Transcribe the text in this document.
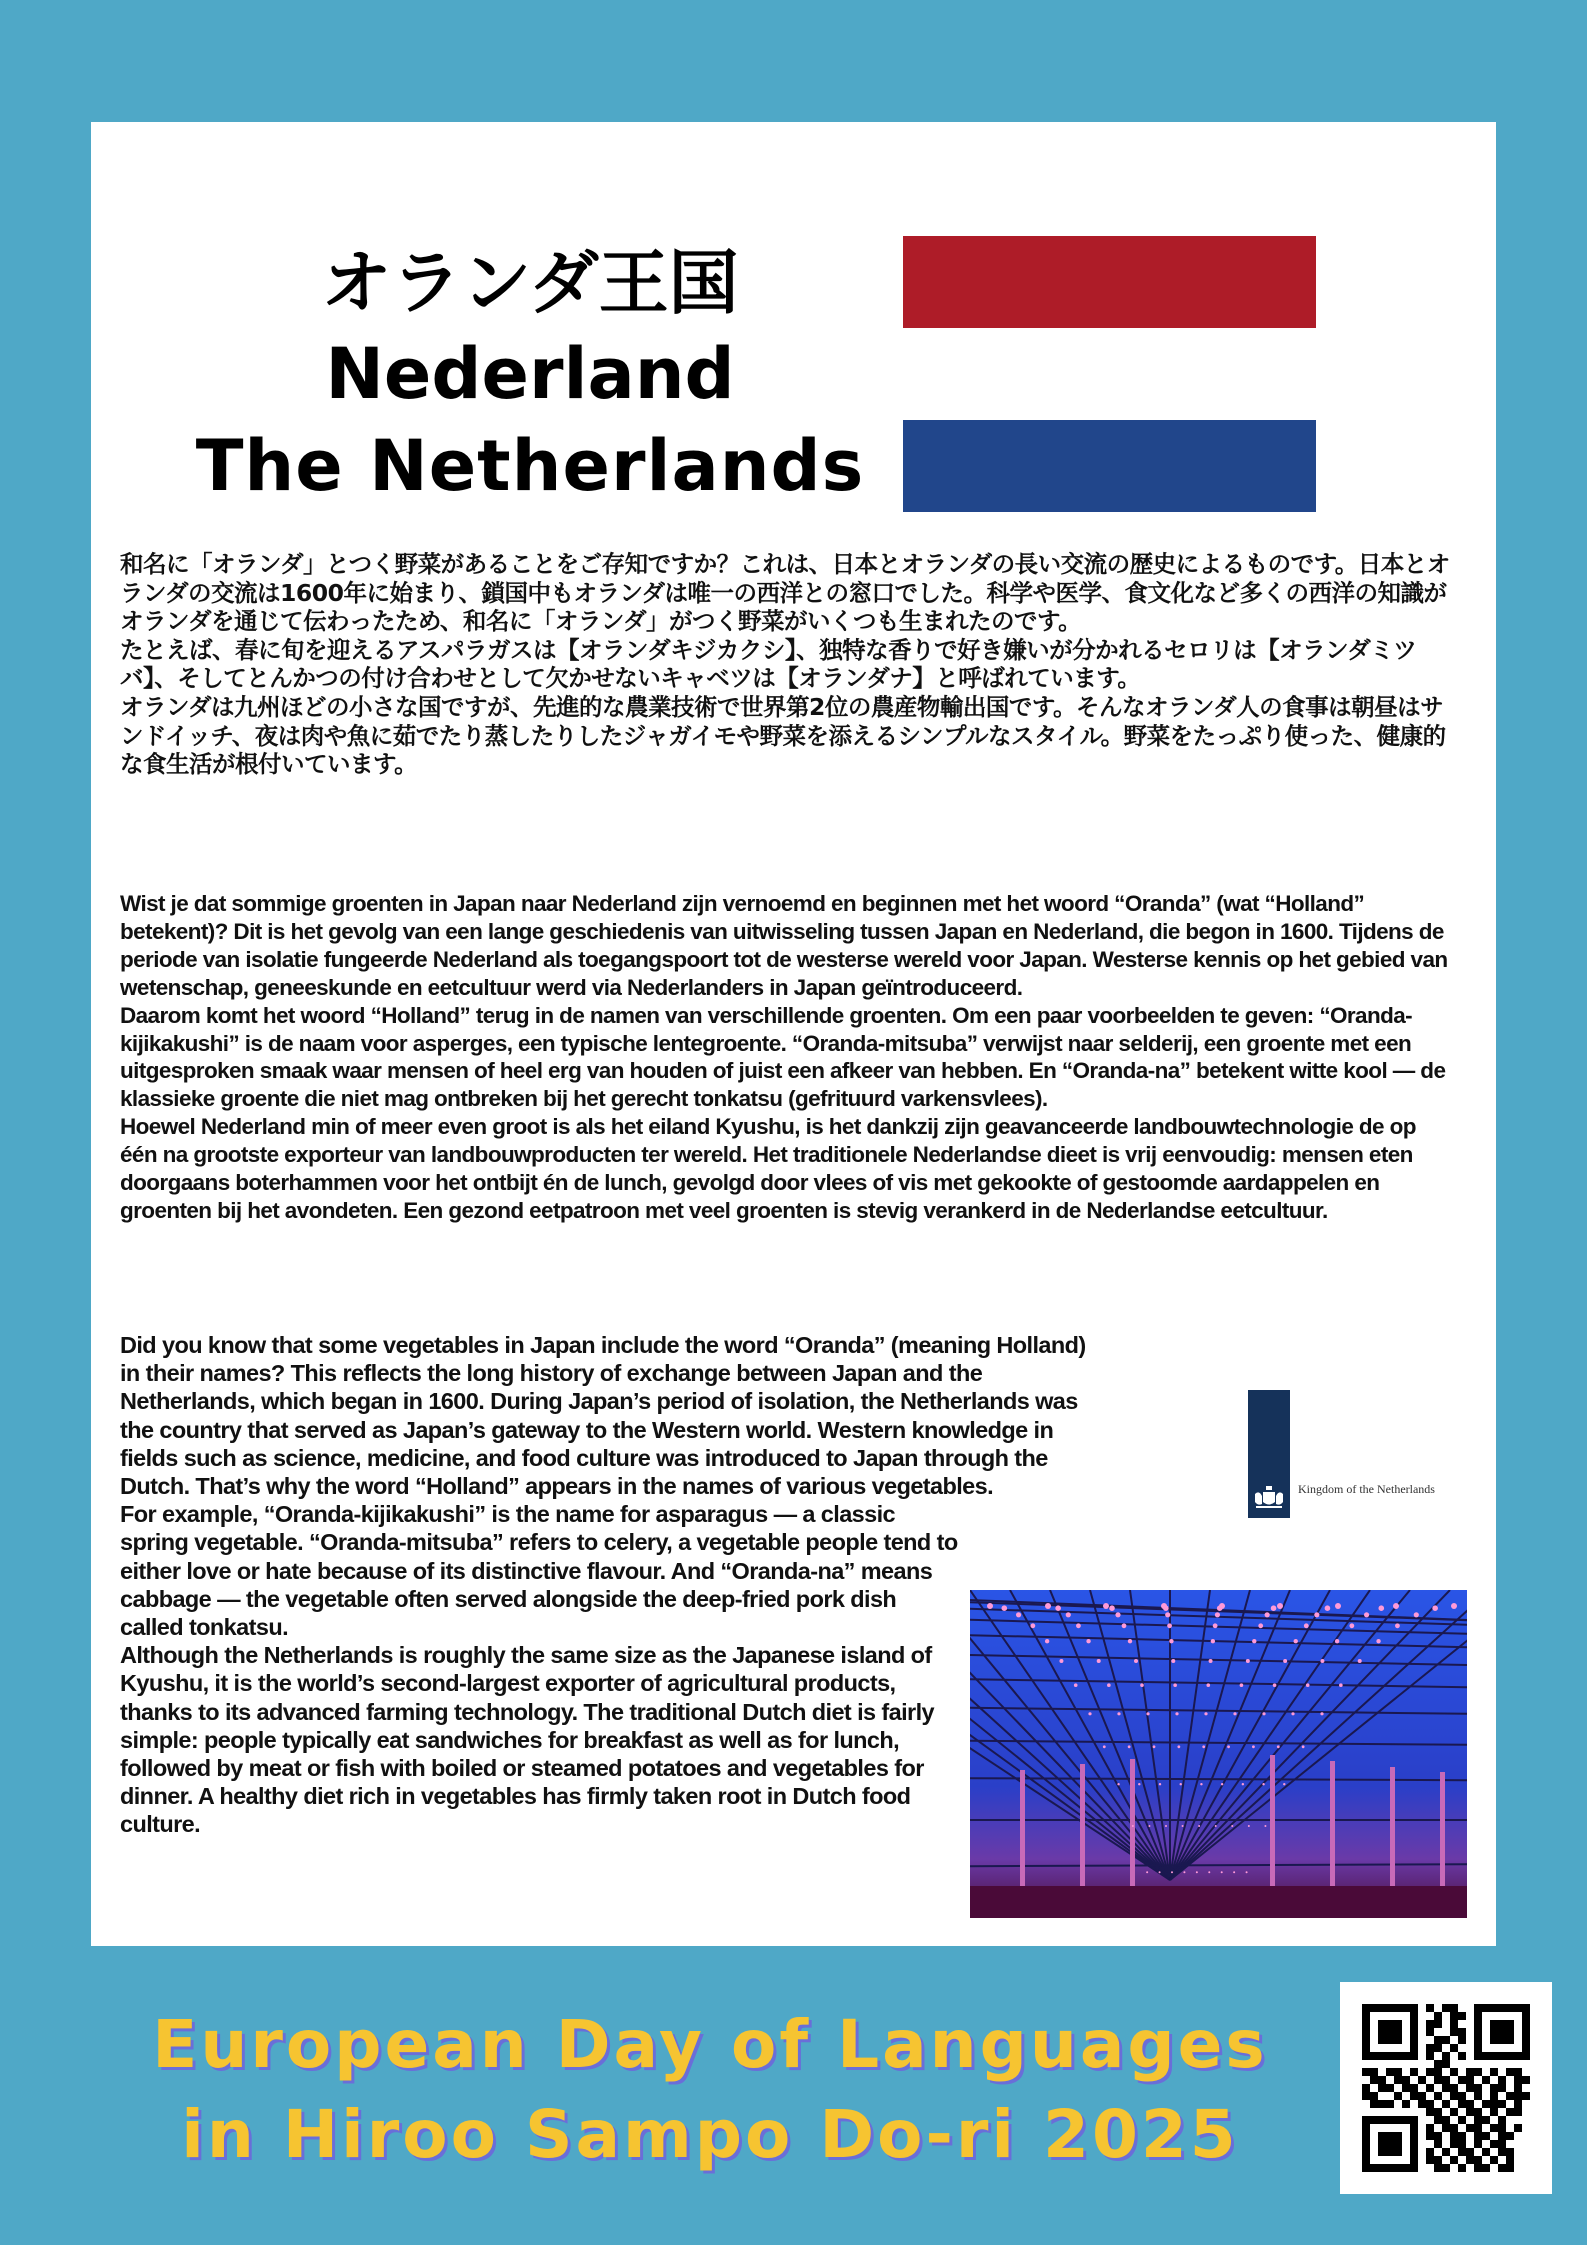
オランダ王国
Nederland
The Netherlands

和名に「オランダ」とつく野菜があることをご存知ですか？これは、日本とオランダの長い交流の歴史によるものです。日本とオランダの交流は1600年に始まり、鎖国中もオランダは唯一の西洋との窓口でした。科学や医学、食文化など多くの西洋の知識がオランダを通じて伝わったため、和名に「オランダ」がつく野菜がいくつも生まれたのです。

たとえば、春に旬を迎えるアスパラガスは【オランダキジカクシ】、独特な香りで好き嫌いが分かれるセロリは【オランダミツバ】、そしてとんかつの付け合わせとして欠かせないキャベツは【オランダナ】と呼ばれています。

オランダは九州ほどの小さな国ですが、先進的な農業技術で世界第2位の農産物輸出国です。そんなオランダ人の食事は朝昼はサンドイッチ、夜は肉や魚に茹でたり蒸したりしたジャガイモや野菜を添えるシンプルなスタイル。野菜をたっぷり使った、健康的な食生活が根付いています。

Wist je dat sommige groenten in Japan naar Nederland zijn vernoemd en beginnen met het woord “Oranda” (wat “Holland” betekent)? Dit is het gevolg van een lange geschiedenis van uitwisseling tussen Japan en Nederland, die begon in 1600. Tijdens de periode van isolatie fungeerde Nederland als toegangspoort tot de westerse wereld voor Japan. Westerse kennis op het gebied van wetenschap, geneeskunde en eetcultuur werd via Nederlanders in Japan geïntroduceerd.

Daarom komt het woord “Holland” terug in de namen van verschillende groenten. Om een paar voorbeelden te geven: “Oranda-kijikakushi” is de naam voor asperges, een typische lentegroente. “Oranda-mitsuba” verwijst naar selderij, een groente met een uitgesproken smaak waar mensen of heel erg van houden of juist een afkeer van hebben. En “Oranda-na” betekent witte kool — de klassieke groente die niet mag ontbreken bij het gerecht tonkatsu (gefrituurd varkensvlees).

Hoewel Nederland min of meer even groot is als het eiland Kyushu, is het dankzij zijn geavanceerde landbouwtechnologie de op één na grootste exporteur van landbouwproducten ter wereld. Het traditionele Nederlandse dieet is vrij eenvoudig: mensen eten doorgaans boterhammen voor het ontbijt én de lunch, gevolgd door vlees of vis met gekookte of gestoomde aardappelen en groenten bij het avondeten. Een gezond eetpatroon met veel groenten is stevig verankerd in de Nederlandse eetcultuur.

Did you know that some vegetables in Japan include the word “Oranda” (meaning Holland) in their names? This reflects the long history of exchange between Japan and the Netherlands, which began in 1600. During Japan’s period of isolation, the Netherlands was the country that served as Japan’s gateway to the Western world. Western knowledge in fields such as science, medicine, and food culture was introduced to Japan through the Dutch. That’s why the word “Holland” appears in the names of various vegetables.

For example, “Oranda-kijikakushi” is the name for asparagus — a classic spring vegetable. “Oranda-mitsuba” refers to celery, a vegetable people tend to either love or hate because of its distinctive flavour. And “Oranda-na” means cabbage — the vegetable often served alongside the deep-fried pork dish called tonkatsu.

Although the Netherlands is roughly the same size as the Japanese island of Kyushu, it is the world’s second-largest exporter of agricultural products, thanks to its advanced farming technology. The traditional Dutch diet is fairly simple: people typically eat sandwiches for breakfast as well as for lunch, followed by meat or fish with boiled or steamed potatoes and vegetables for dinner. A healthy diet rich in vegetables has firmly taken root in Dutch food culture.

Kingdom of the Netherlands
European Day of Languages
in Hiroo Sampo Do-ri 2025
